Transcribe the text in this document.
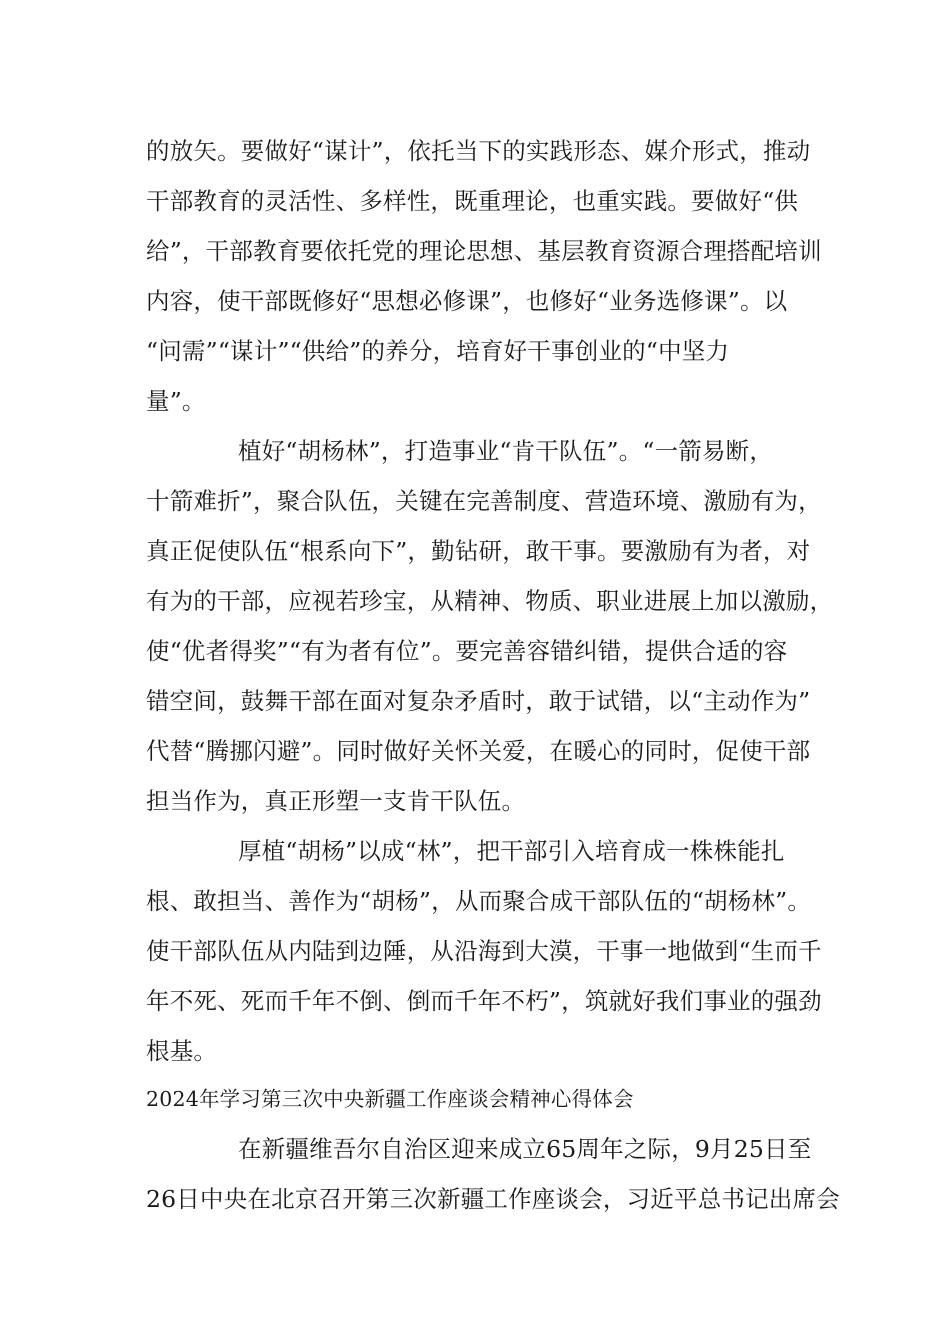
的放矢。要做好“谋计”，依托当下的实践形态、媒介形式，推动
干部教育的灵活性、多样性，既重理论，也重实践。要做好“供
给”，干部教育要依托党的理论思想、基层教育资源合理搭配培训
内容，使干部既修好“思想必修课”，也修好“业务选修课”。以
“问需”“谋计”“供给”的养分，培育好干事创业的“中坚力
量”。
植好“胡杨林”，打造事业“肯干队伍”。“一箭易断，
十箭难折”，聚合队伍，关键在完善制度、营造环境、激励有为，
真正促使队伍“根系向下”，勤钻研，敢干事。要激励有为者，对
有为的干部，应视若珍宝，从精神、物质、职业进展上加以激励，
使“优者得奖”“有为者有位”。要完善容错纠错，提供合适的容
错空间，鼓舞干部在面对复杂矛盾时，敢于试错，以“主动作为”
代替“腾挪闪避”。同时做好关怀关爱，在暖心的同时，促使干部
担当作为，真正形塑一支肯干队伍。
厚植“胡杨”以成“林”，把干部引入培育成一株株能扎
根、敢担当、善作为“胡杨”，从而聚合成干部队伍的“胡杨林”。
使干部队伍从内陆到边陲，从沿海到大漠，干事一地做到“生而千
年不死、死而千年不倒、倒而千年不朽”，筑就好我们事业的强劲
根基。
2024年学习第三次中央新疆工作座谈会精神心得体会
在新疆维吾尔自治区迎来成立65周年之际，9月25日至
26日中央在北京召开第三次新疆工作座谈会，习近平总书记出席会
